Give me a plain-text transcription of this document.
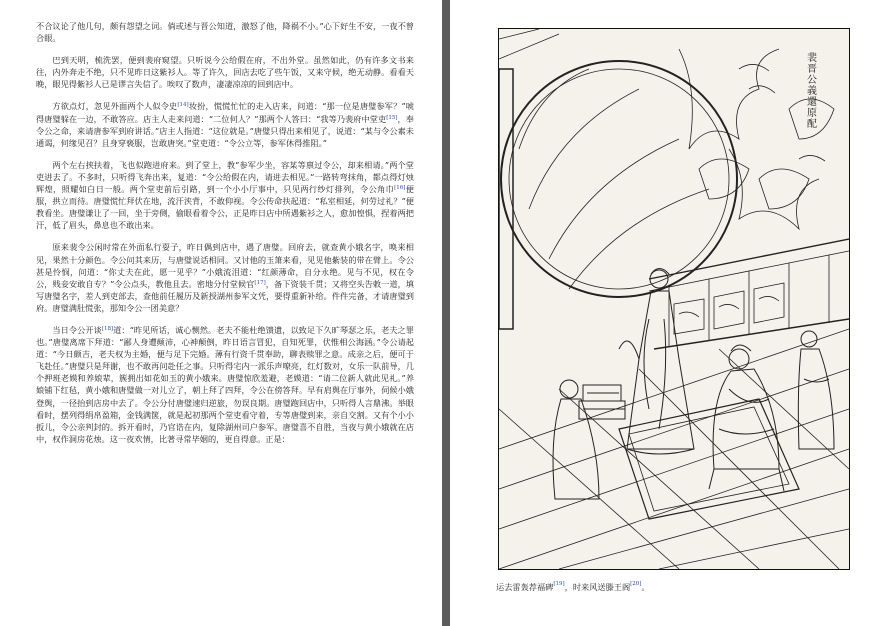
不合议论了他几句，颇有怨望之词。倘或述与晋公知道，激怒了他，降祸不小。”心下好生不安，一夜不曾合眼。

巴到天明，梳洗罢，便到裴府窥望。只听说今公给假在府，不出外堂。虽然如此，仍有许多文书来往，内外奔走不绝，只不见昨日这紫衫人。等了许久，回店去吃了些午饭，又来守候，绝无动静。看看天晚，眼见得紫衫人已是谬言失信了。唉叹了数声，凄凄凉凉的回到店中。

方欲点灯，忽见外面两个人似令史[14]妆扮，慌慌忙忙的走入店来，问道：“那一位是唐璧参军？”唬得唐璧躲在一边，不敢答应。店主人走来问道：“二位何人？”那两个人答曰：“我等乃裴府中堂吏[15]，奉令公之命，来请唐参军到府讲话。”店主人指道：“这位就是。”唐璧只得出来相见了，说道：“某与令公素未通谒，何缘见召？且身穿亵服，岂敢唐突。”堂吏道：“令公立等，参军休得推阻。”

两个左右挟扶着，飞也似跑进府来。到了堂上，教“参军少坐，容某等禀过令公，却来相请。”两个堂吏进去了。不多时，只听得飞奔出来，复道：“令公给假在内，请进去相见。”一路转弯抹角，都点得灯烛辉煌，照耀如白日一般。两个堂吏前后引路，到一个小小厅事中，只见两行纱灯排列，令公角巾[16]便服，拱立而待。唐璧慌忙拜伏在地，流汗浃背，不敢仰视。令公传命扶起道：“私室相延，何劳过礼？”便教看坐。唐璧谦让了一回，坐于旁侧，偷眼看着令公，正是昨日店中所遇紫衫之人，愈加惶惧，捏着两把汗，低了眉头，鼻息也不敢出来。

原来裴令公闲时常在外面私行耍子，昨日偶到店中，遇了唐璧。回府去，就查黄小娥名字，唤来相见，果然十分颜色。令公问其来历，与唐璧说话相同。又讨他的玉箫来看，见见他紫装的带在臂上。令公甚是怜悯，问道：“你丈夫在此，愿一见乎？”小娥流泪道：“红颜薄命，自分永绝。见与不见，权在令公，贱妾安敢自专？”令公点头，教他且去。密地分付堂候官[17]，备下资装千贯；又将空头告敕一道，填写唐璧名字，差人到吏部去，查他前任履历及新授湖州参军文凭，要得重新补给。件件完备，才请唐璧到府。唐璧满肚慌张，那知令公一团美意？

当日令公开谈[18]道：“昨见所话，诚心恻然。老夫不能杜绝馈遗，以致足下久旷琴瑟之乐，老夫之罪也。”唐璧离席下拜道：“鄙人身遭颠沛，心神颠倒，昨日语言冒犯，自知死罪，伏惟相公海涵。”令公请起道：“今日颇吉，老夫权为主婚，便与足下完婚。薄有行资千贯奉助，聊表赎罪之意。成亲之后，便可于飞赴任。”唐璧只是拜谢，也不敢再问赴任之事。只听得宅内一派乐声嘹亮，红灯数对，女乐一队前导，几个押班老嫫和养娘辈，簇拥出如花如玉的黄小娥来。唐璧惊欣羞避，老嫫道：“请二位新人就此见礼。”养娘铺下红毡，黄小娥和唐璧做一对儿立了，朝上拜了四拜，令公在傍答拜。早有肩舆在厅事外，伺候小娥登舆，一径抬到店房中去了。令公分付唐璧速归逆旅，勿误良期。唐璧跑回店中，只听得人言鼎沸。举眼看时，摆列得绢帛盈箱，金钱满箧，就是起初那两个堂吏看守着，专等唐璧到来，亲自交割。又有个小小扳儿，令公亲判封的。拆开看时，乃官诰在内，复除湖州司户参军。唐璧喜不自胜，当夜与黄小娥就在店中，权作洞房花烛。这一夜欢情，比著寻常毕姻的，更自得意。正是：

裴晋公義還原配
运去雷轰荐福碑[19]，时来风送滕王阁[20]。
